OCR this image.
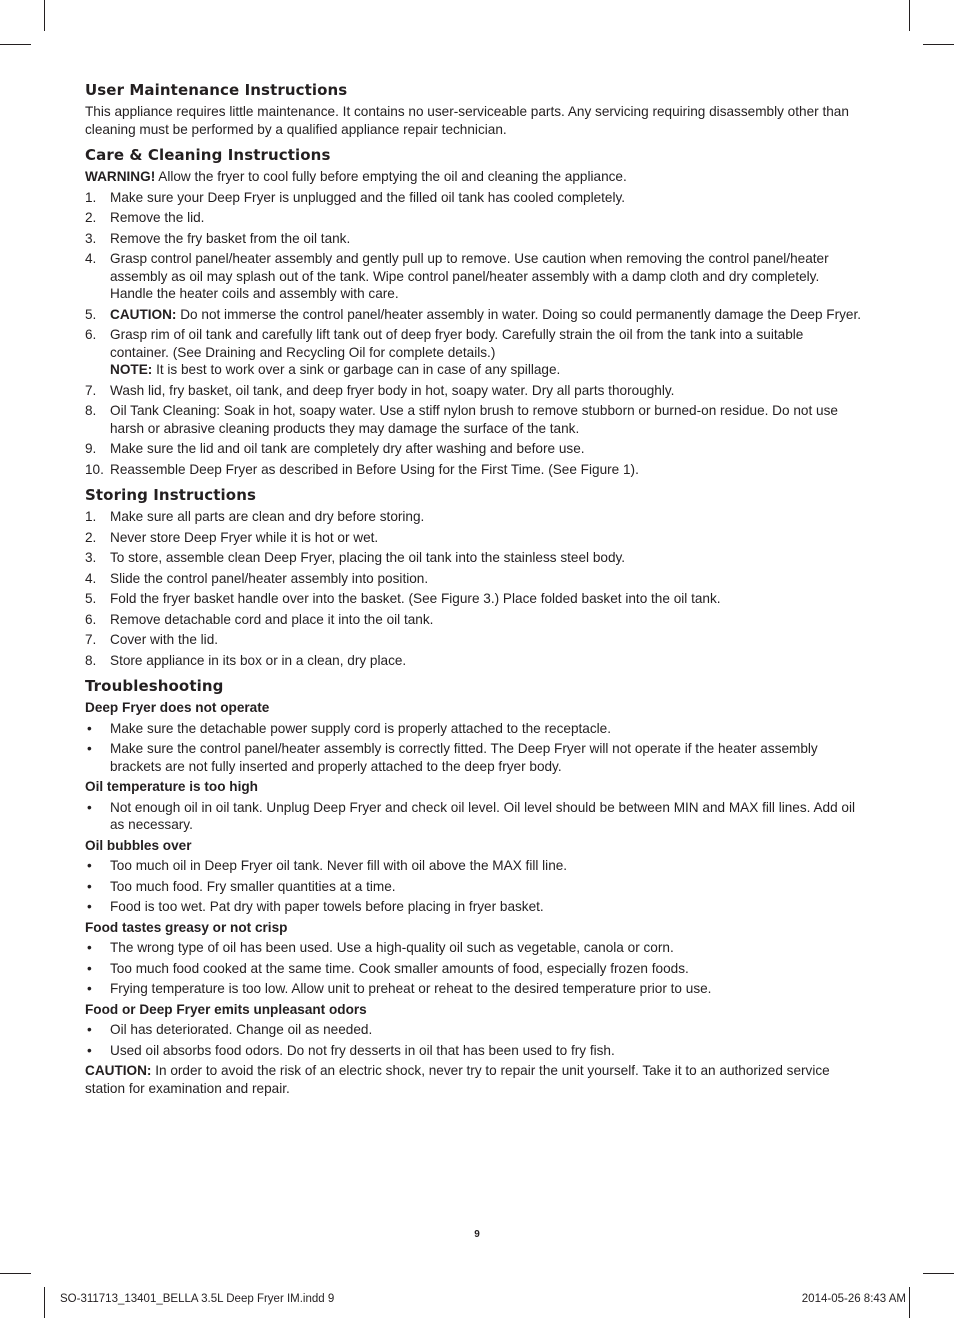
User Maintenance Instructions

This appliance requires little maintenance. It contains no user-serviceable parts. Any servicing requiring disassembly other than cleaning must be performed by a qualified appliance repair technician.

Care & Cleaning Instructions

WARNING! Allow the fryer to cool fully before emptying the oil and cleaning the appliance.

1. Make sure your Deep Fryer is unplugged and the filled oil tank has cooled completely.
2. Remove the lid.
3. Remove the fry basket from the oil tank.
4. Grasp control panel/heater assembly and gently pull up to remove. Use caution when removing the control panel/heater assembly as oil may splash out of the tank. Wipe control panel/heater assembly with a damp cloth and dry completely. Handle the heater coils and assembly with care.
5. CAUTION: Do not immerse the control panel/heater assembly in water. Doing so could permanently damage the Deep Fryer.
6. Grasp rim of oil tank and carefully lift tank out of deep fryer body. Carefully strain the oil from the tank into a suitable container. (See Draining and Recycling Oil for complete details.)
NOTE: It is best to work over a sink or garbage can in case of any spillage.
7. Wash lid, fry basket, oil tank, and deep fryer body in hot, soapy water. Dry all parts thoroughly.
8. Oil Tank Cleaning: Soak in hot, soapy water. Use a stiff nylon brush to remove stubborn or burned-on residue. Do not use harsh or abrasive cleaning products they may damage the surface of the tank.
9. Make sure the lid and oil tank are completely dry after washing and before use.
10. Reassemble Deep Fryer as described in Before Using for the First Time. (See Figure 1).
Storing Instructions
1. Make sure all parts are clean and dry before storing.
2. Never store Deep Fryer while it is hot or wet.
3. To store, assemble clean Deep Fryer, placing the oil tank into the stainless steel body.
4. Slide the control panel/heater assembly into position.
5. Fold the fryer basket handle over into the basket. (See Figure 3.) Place folded basket into the oil tank.
6. Remove detachable cord and place it into the oil tank.
7. Cover with the lid.
8. Store appliance in its box or in a clean, dry place.
Troubleshooting

Deep Fryer does not operate

• Make sure the detachable power supply cord is properly attached to the receptacle.
• Make sure the control panel/heater assembly is correctly fitted. The Deep Fryer will not operate if the heater assembly brackets are not fully inserted and properly attached to the deep fryer body.

Oil temperature is too high

• Not enough oil in oil tank. Unplug Deep Fryer and check oil level. Oil level should be between MIN and MAX fill lines. Add oil as necessary.

Oil bubbles over

• Too much oil in Deep Fryer oil tank. Never fill with oil above the MAX fill line.
• Too much food. Fry smaller quantities at a time.
• Food is too wet. Pat dry with paper towels before placing in fryer basket.

Food tastes greasy or not crisp

• The wrong type of oil has been used. Use a high-quality oil such as vegetable, canola or corn.
• Too much food cooked at the same time. Cook smaller amounts of food, especially frozen foods.
• Frying temperature is too low. Allow unit to preheat or reheat to the desired temperature prior to use.

Food or Deep Fryer emits unpleasant odors

• Oil has deteriorated. Change oil as needed.
• Used oil absorbs food odors. Do not fry desserts in oil that has been used to fry fish.

CAUTION: In order to avoid the risk of an electric shock, never try to repair the unit yourself. Take it to an authorized service station for examination and repair.

9
SO-311713_13401_BELLA 3.5L Deep Fryer IM.indd 9	2014-05-26 8:43 AM
